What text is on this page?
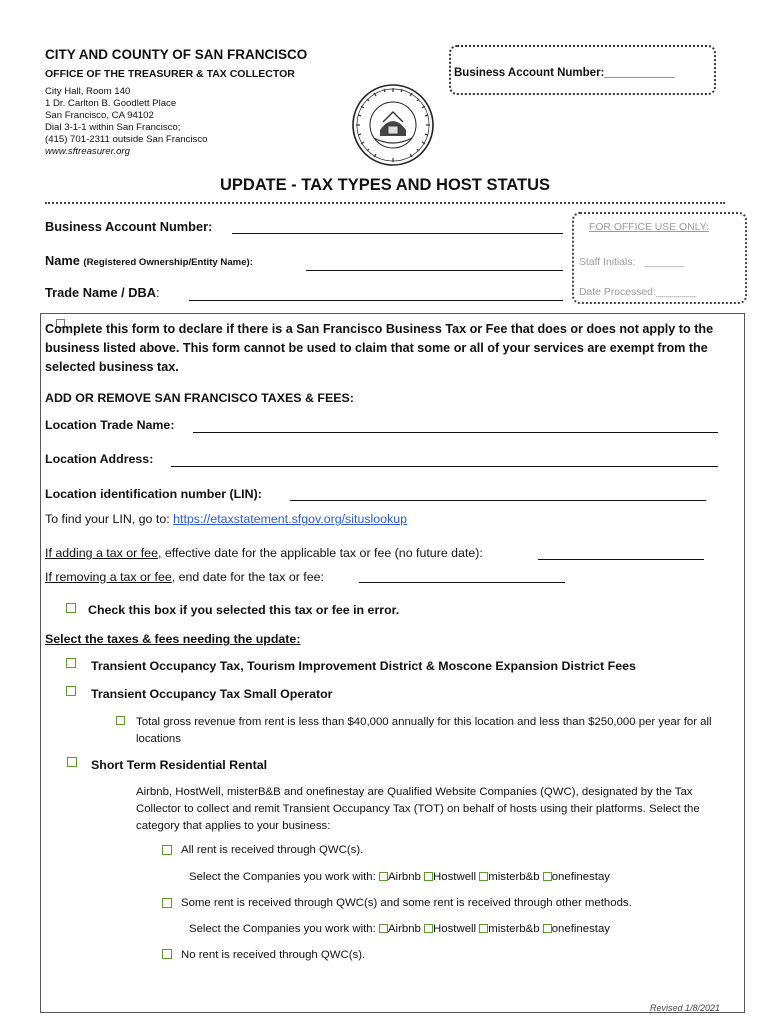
CITY AND COUNTY OF SAN FRANCISCO
OFFICE OF THE TREASURER & TAX COLLECTOR
City Hall, Room 140
1 Dr. Carlton B. Goodlett Place
San Francisco, CA 94102
Dial 3-1-1 within San Francisco;
(415) 701-2311 outside San Francisco
www.sftreasurer.org
Business Account Number:___________
UPDATE - TAX TYPES AND HOST STATUS
Business Account Number:
Name (Registered Ownership/Entity Name):
Trade Name / DBA:
FOR OFFICE USE ONLY:
Staff Initials: _______
Date Processed:_______
Complete this form to declare if there is a San Francisco Business Tax or Fee that does or does not apply to the business listed above. This form cannot be used to claim that some or all of your services are exempt from the selected business tax.
ADD OR REMOVE SAN FRANCISCO TAXES & FEES:
Location Trade Name:
Location Address:
Location identification number (LIN):
To find your LIN, go to: https://etaxstatement.sfgov.org/situslookup
If adding a tax or fee, effective date for the applicable tax or fee (no future date):
If removing a tax or fee, end date for the tax or fee:
Check this box if you selected this tax or fee in error.
Select the taxes & fees needing the update:
Transient Occupancy Tax, Tourism Improvement District & Moscone Expansion District Fees
Transient Occupancy Tax Small Operator
Total gross revenue from rent is less than $40,000 annually for this location and less than $250,000 per year for all locations
Short Term Residential Rental
Airbnb, HostWell, misterB&B and onefinestay are Qualified Website Companies (QWC), designated by the Tax Collector to collect and remit Transient Occupancy Tax (TOT) on behalf of hosts using their platforms. Select the category that applies to your business:
All rent is received through QWC(s).
Select the Companies you work with: Airbnb Hostwell misterb&b onefinestay
Some rent is received through QWC(s) and some rent is received through other methods.
Select the Companies you work with: Airbnb Hostwell misterb&b onefinestay
No rent is received through QWC(s).
Revised 1/8/2021
